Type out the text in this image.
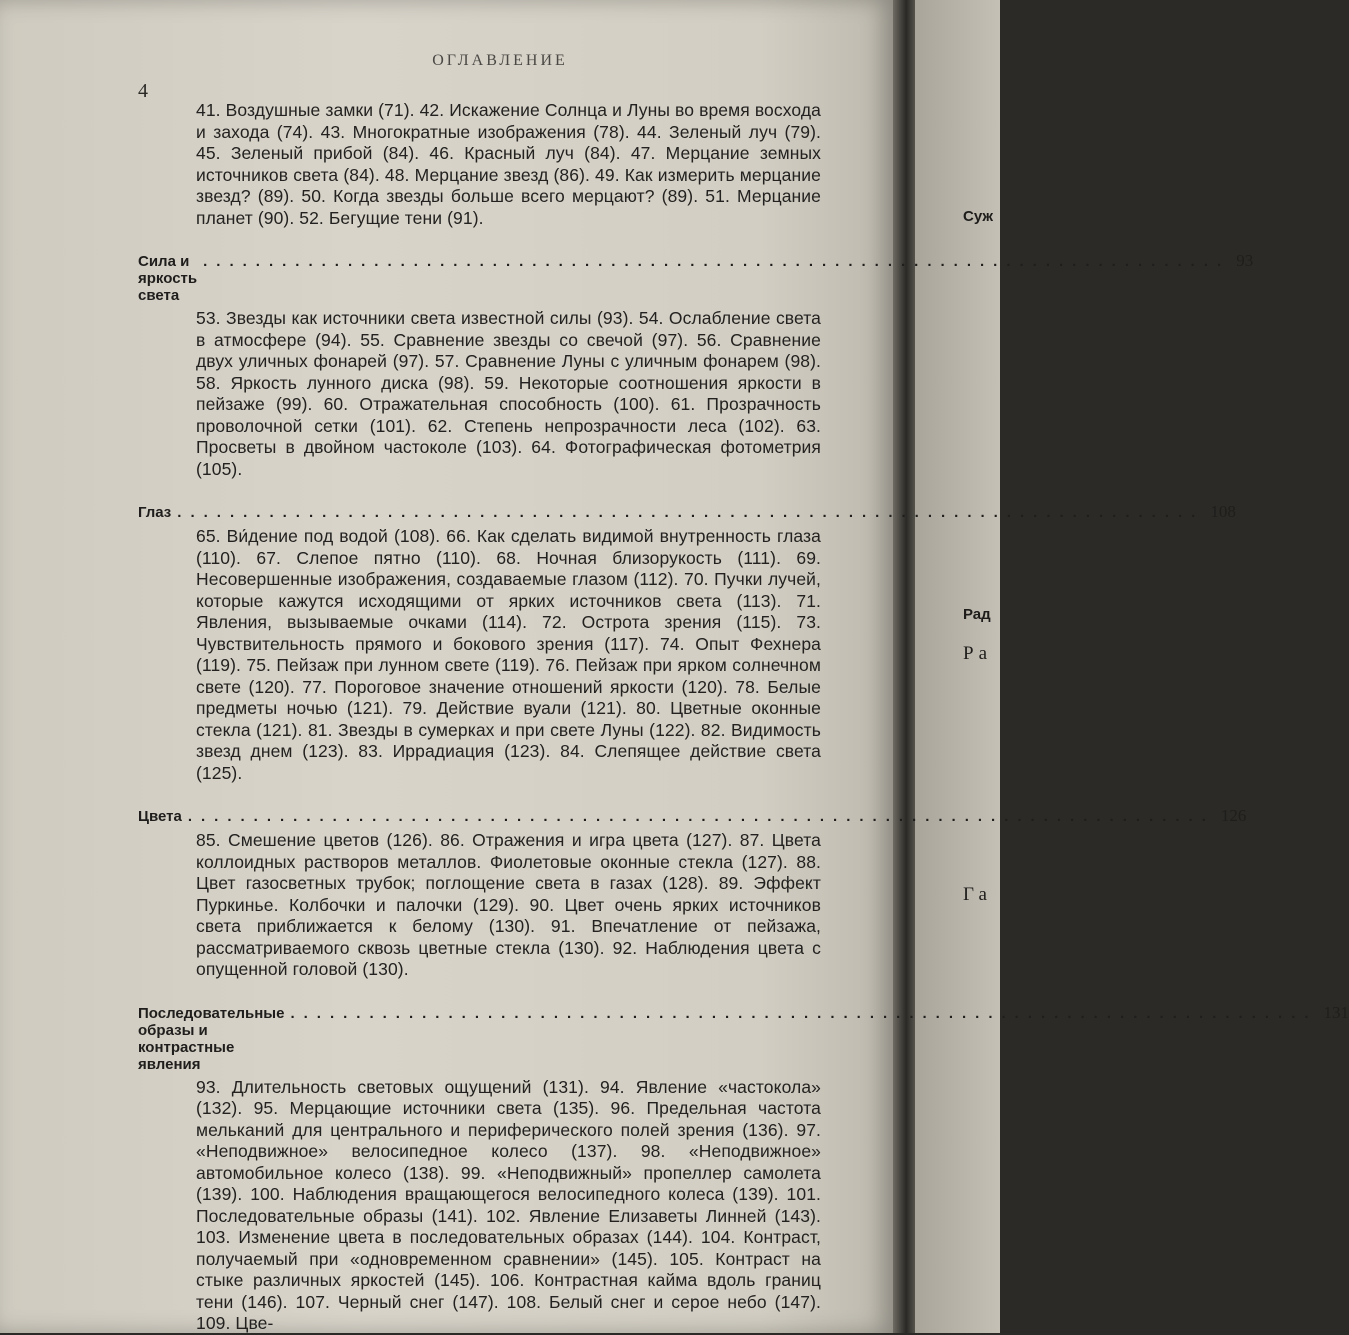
Суж
Рад
Ра
Га
ОГЛАВЛЕНИЕ
4

41. Воздушные замки (71). 42. Искажение Солнца и Луны во время восхода и захода (74). 43. Многократные изображения (78). 44. Зеленый луч (79). 45. Зеленый прибой (84). 46. Красный луч (84). 47. Мерцание земных источников света (84). 48. Мерцание звезд (86). 49. Как измерить мерцание звезд? (89). 50. Когда звезды больше всего мерцают? (89). 51. Мерцание планет (90). 52. Бегущие тени (91).

Сила и яркость света
.............................................................................. 93

53. Звезды как источники света известной силы (93). 54. Ослабление света в атмосфере (94). 55. Сравнение звезды со свечой (97). 56. Сравнение двух уличных фонарей (97). 57. Сравнение Луны с уличным фонарем (98). 58. Яркость лунного диска (98). 59. Некоторые соотношения яркости в пейзаже (99). 60. Отражательная способность (100). 61. Прозрачность проволочной сетки (101). 62. Степень непрозрачности леса (102). 63. Просветы в двойном частоколе (103). 64. Фотографическая фотометрия (105).

Глаз .............................................................................. 108

65. Ви́дение под водой (108). 66. Как сделать видимой внутренность глаза (110). 67. Слепое пятно (110). 68. Ночная близорукость (111). 69. Несовершенные изображения, создаваемые глазом (112). 70. Пучки лучей, которые кажутся исходящими от ярких источников света (113). 71. Явления, вызываемые очками (114). 72. Острота зрения (115). 73. Чувствительность прямого и бокового зрения (117). 74. Опыт Фехнера (119). 75. Пейзаж при лунном свете (119). 76. Пейзаж при ярком солнечном свете (120). 77. Пороговое значение отношений яркости (120). 78. Белые предметы ночью (121). 79. Действие вуали (121). 80. Цветные оконные стекла (121). 81. Звезды в сумерках и при свете Луны (122). 82. Видимость звезд днем (123). 83. Иррадиация (123). 84. Слепящее действие света (125).

Цвета .............................................................................. 126

85. Смешение цветов (126). 86. Отражения и игра цвета (127). 87. Цвета коллоидных растворов металлов. Фиолетовые оконные стекла (127). 88. Цвет газосветных трубок; поглощение света в газах (128). 89. Эффект Пуркинье. Колбочки и палочки (129). 90. Цвет очень ярких источников света приближается к белому (130). 91. Впечатление от пейзажа, рассматриваемого сквозь цветные стекла (130). 92. Наблюдения цвета с опущенной головой (130).

Последовательные образы и контрастные явления
.............................................................................. 131

93. Длительность световых ощущений (131). 94. Явление «частокола» (132). 95. Мерцающие источники света (135). 96. Предельная частота мельканий для центрального и периферического полей зрения (136). 97. «Неподвижное» велосипедное колесо (137). 98. «Неподвижное» автомобильное колесо (138). 99. «Неподвижный» пропеллер самолета (139). 100. Наблюдения вращающегося велосипедного колеса (139). 101. Последовательные образы (141). 102. Явление Елизаветы Линней (143). 103. Изменение цвета в последовательных образах (144). 104. Контраст, получаемый при «одновременном сравнении» (145). 105. Контраст на стыке различных яркостей (145). 106. Контрастная кайма вдоль границ тени (146). 107. Черный снег (147). 108. Белый снег и серое небо (147). 109. Цве-
